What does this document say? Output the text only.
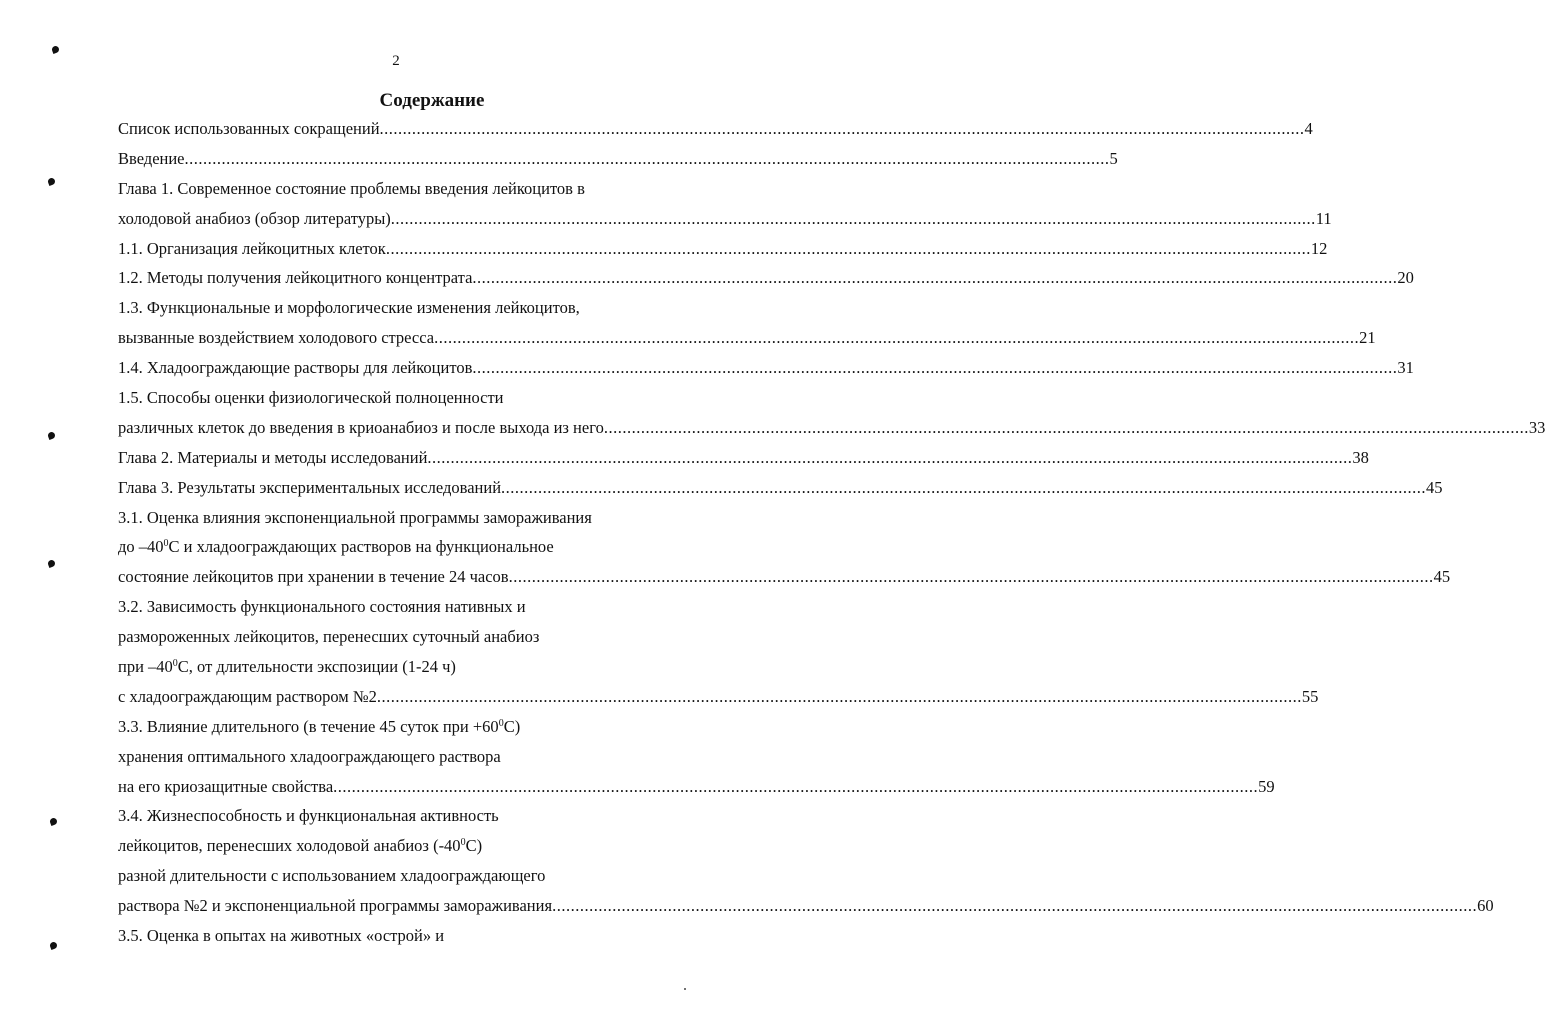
2
Содержание
Список использованных сокращений ........................................................................................................................................................................................................ 4
Введение ........................................................................................................................................................................................................ 5
Глава 1. Современное состояние проблемы введения лейкоцитов в
холодовой анабиоз (обзор литературы) ........................................................................................................................................................................................................ 11
1.1. Организация лейкоцитных клеток ........................................................................................................................................................................................................ 12
1.2. Методы получения лейкоцитного концентрата ........................................................................................................................................................................................................ 20
1.3. Функциональные и морфологические изменения лейкоцитов,
вызванные воздействием холодового стресса ........................................................................................................................................................................................................ 21
1.4. Хладоограждающие растворы для лейкоцитов ........................................................................................................................................................................................................ 31
1.5. Способы оценки физиологической полноценности
различных клеток до введения в криоанабиоз и после выхода из него ........................................................................................................................................................................................................ 33
Глава 2. Материалы и методы исследований ........................................................................................................................................................................................................ 38
Глава 3. Результаты экспериментальных исследований ........................................................................................................................................................................................................ 45
3.1. Оценка влияния экспоненциальной программы замораживания
до $-40^0С$ и хладоограждающих растворов на функциональное
состояние лейкоцитов при хранении в течение 24 часов ........................................................................................................................................................................................................ 45
3.2. Зависимость функционального состояния нативных и
размороженных лейкоцитов, перенесших суточный анабиоз
при $-40^0С$, от длительности экспозиции (1-24 ч)
с хладоограждающим раствором №2 ........................................................................................................................................................................................................ 55
3.3. Влияние длительного (в течение 45 суток при $+60^0С$)
хранения оптимального хладоограждающего раствора
на его криозащитные свойства ........................................................................................................................................................................................................ 59
3.4. Жизнеспособность и функциональная активность
лейкоцитов, перенесших холодовой анабиоз $(-40^0С)$
разной длительности с использованием хладоограждающего
раствора №2 и экспоненциальной программы замораживания ........................................................................................................................................................................................................ 60
3.5. Оценка в опытах на животных «острой» и
